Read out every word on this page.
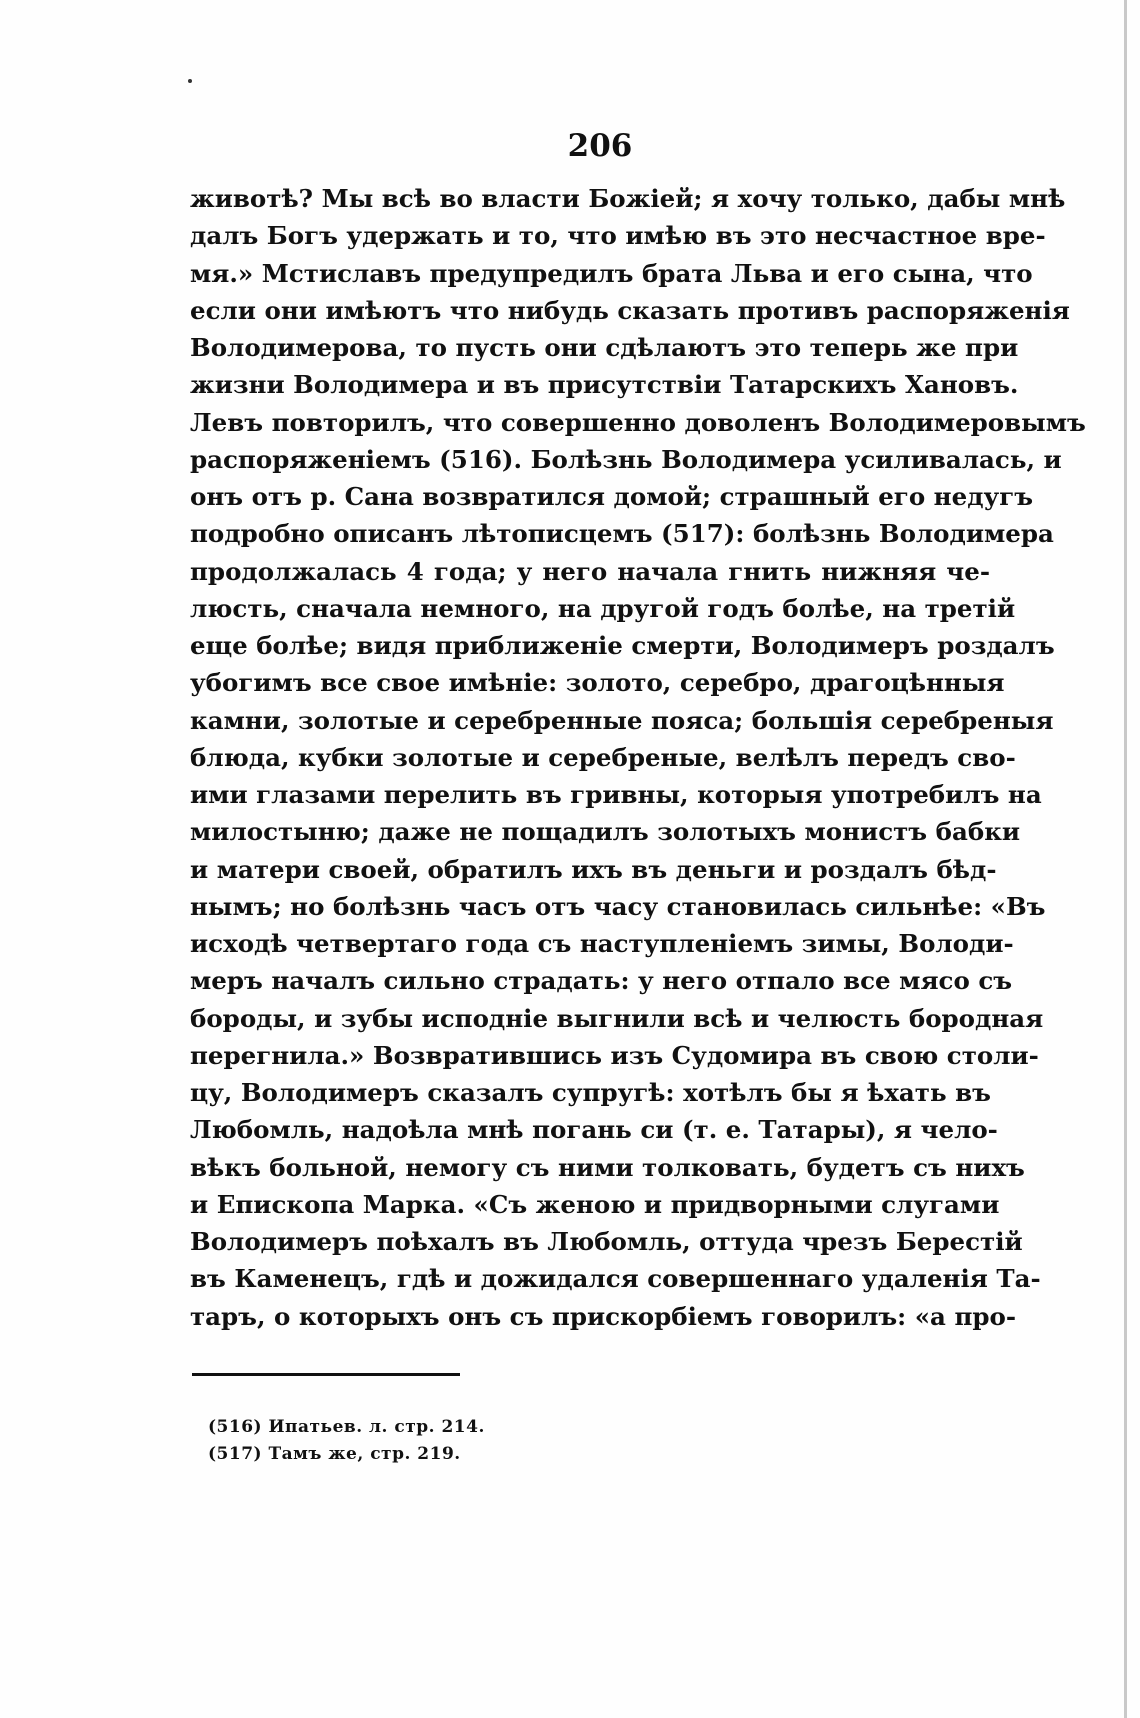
206
животѣ? Мы всѣ во власти Божіей; я хочу только, дабы мнѣ
далъ Богъ удержать и то, что имѣю въ это несчастное вре-
мя.» Мстиславъ предупредилъ брата Льва и его сына, что
если они имѣютъ что нибудь сказать противъ распоряженія
Володимерова, то пусть они сдѣлаютъ это теперь же при
жизни Володимера и въ присутствіи Татарскихъ Хановъ.
Левъ повторилъ, что совершенно доволенъ Володимеровымъ
распоряженіемъ (516). Болѣзнь Володимера усиливалась, и
онъ отъ р. Сана возвратился домой; страшный его недугъ
подробно описанъ лѣтописцемъ (517): болѣзнь Володимера
продолжалась 4 года; у него начала гнить нижняя че-
люсть, сначала немного, на другой годъ болѣе, на третій
еще болѣе; видя приближеніе смерти, Володимеръ роздалъ
убогимъ все свое имѣніе: золото, серебро, драгоцѣнныя
камни, золотые и серебренные пояса; большія серебреныя
блюда, кубки золотые и серебреные, велѣлъ передъ сво-
ими глазами перелить въ гривны, которыя употребилъ на
милостыню; даже не пощадилъ золотыхъ монистъ бабки
и матери своей, обратилъ ихъ въ деньги и роздалъ бѣд-
нымъ; но болѣзнь часъ отъ часу становилась сильнѣе: «Въ
исходѣ четвертаго года съ наступленіемъ зимы, Володи-
меръ началъ сильно страдать: у него отпало все мясо съ
бороды, и зубы исподніе выгнили всѣ и челюсть бородная
перегнила.» Возвратившись изъ Судомира въ свою столи-
цу, Володимеръ сказалъ супругѣ: хотѣлъ бы я ѣхать въ
Любомль, надоѣла мнѣ погань си (т. е. Татары), я чело-
вѣкъ больной, немогу съ ними толковать, будетъ съ нихъ
и Епископа Марка. «Съ женою и придворными слугами
Володимеръ поѣхалъ въ Любомль, оттуда чрезъ Берестій
въ Каменецъ, гдѣ и дожидался совершеннаго удаленія Та-
таръ, о которыхъ онъ съ прискорбіемъ говорилъ: «а про-
(516) Ипатьев. л. стр. 214.
(517) Тамъ же, стр. 219.
